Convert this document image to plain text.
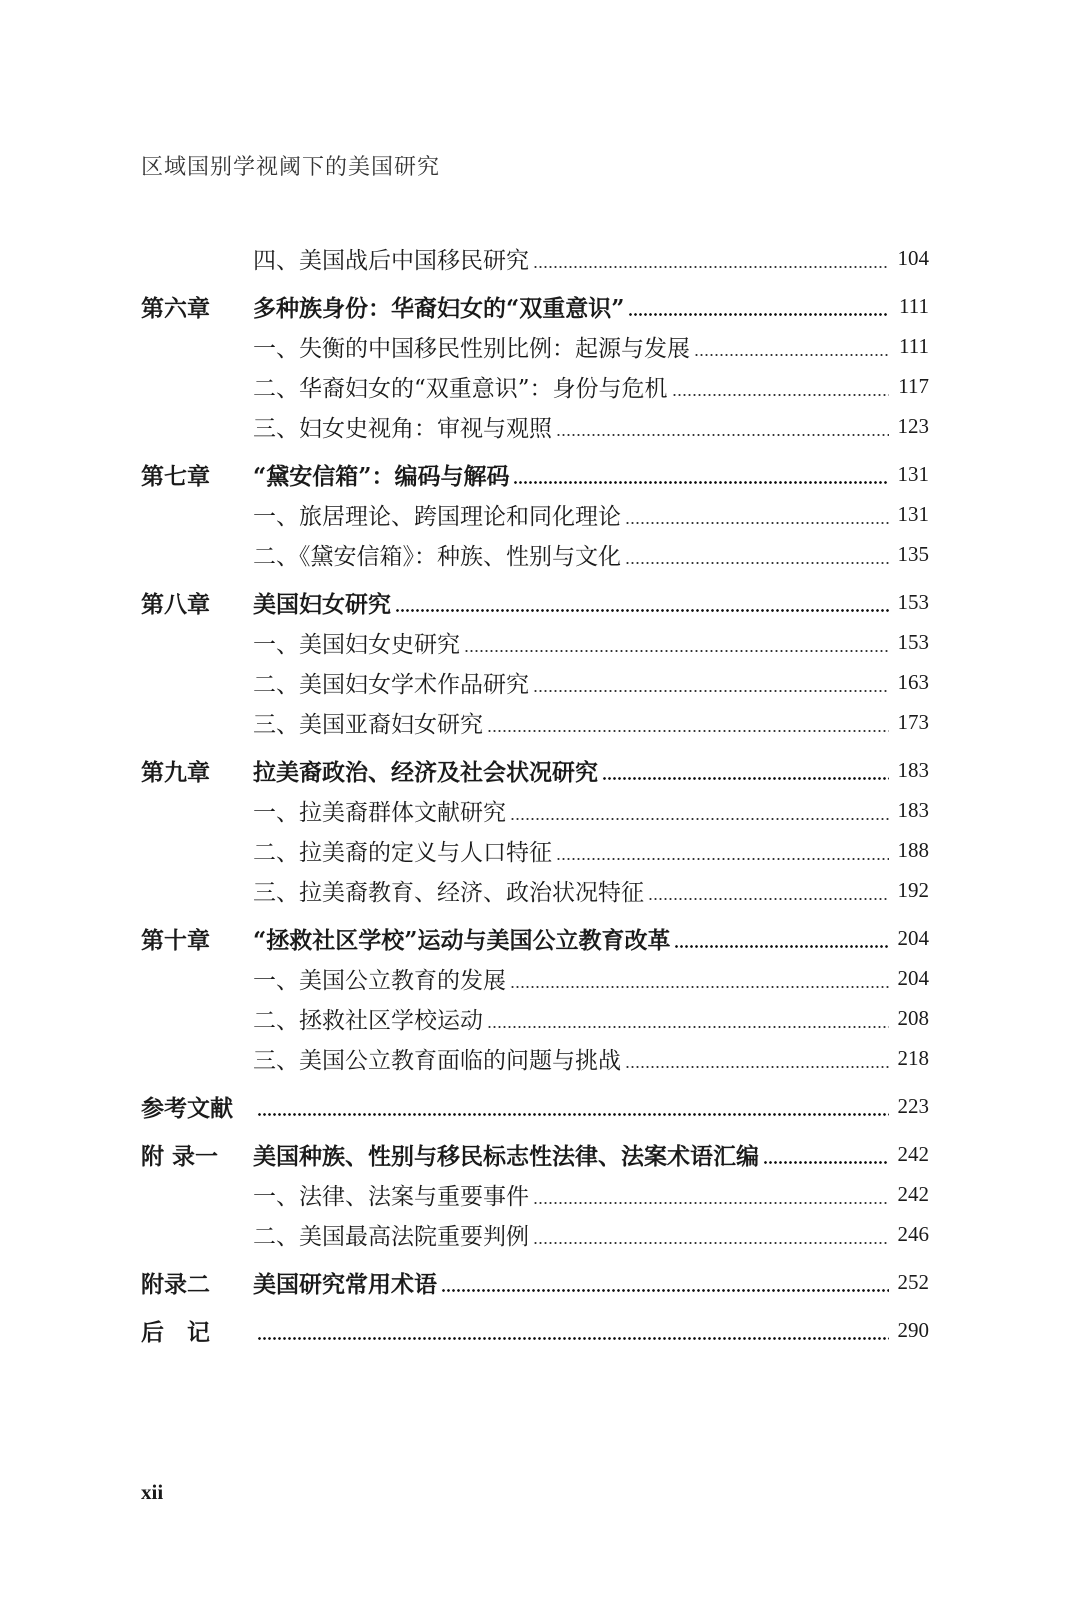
区域国别学视阈下的美国研究
四、美国战后中国移民研究	104
第六章	多种族身份：华裔妇女的“双重意识”	111
一、失衡的中国移民性别比例：起源与发展	111
二、华裔妇女的“双重意识”：身份与危机	117
三、妇女史视角：审视与观照	123
第七章	“黛安信箱”：编码与解码	131
一、旅居理论、跨国理论和同化理论	131
二、《黛安信箱》：种族、性别与文化	135
第八章	美国妇女研究	153
一、美国妇女史研究	153
二、美国妇女学术作品研究	163
三、美国亚裔妇女研究	173
第九章	拉美裔政治、经济及社会状况研究	183
一、拉美裔群体文献研究	183
二、拉美裔的定义与人口特征	188
三、拉美裔教育、经济、政治状况特征	192
第十章	“拯救社区学校”运动与美国公立教育改革	204
一、美国公立教育的发展	204
二、拯救社区学校运动	208
三、美国公立教育面临的问题与挑战	218
参考文献	223
附 录一	美国种族、性别与移民标志性法律、法案术语汇编	242
一、法律、法案与重要事件	242
二、美国最高法院重要判例	246
附录二	美国研究常用术语	252
后　记	290
xii
